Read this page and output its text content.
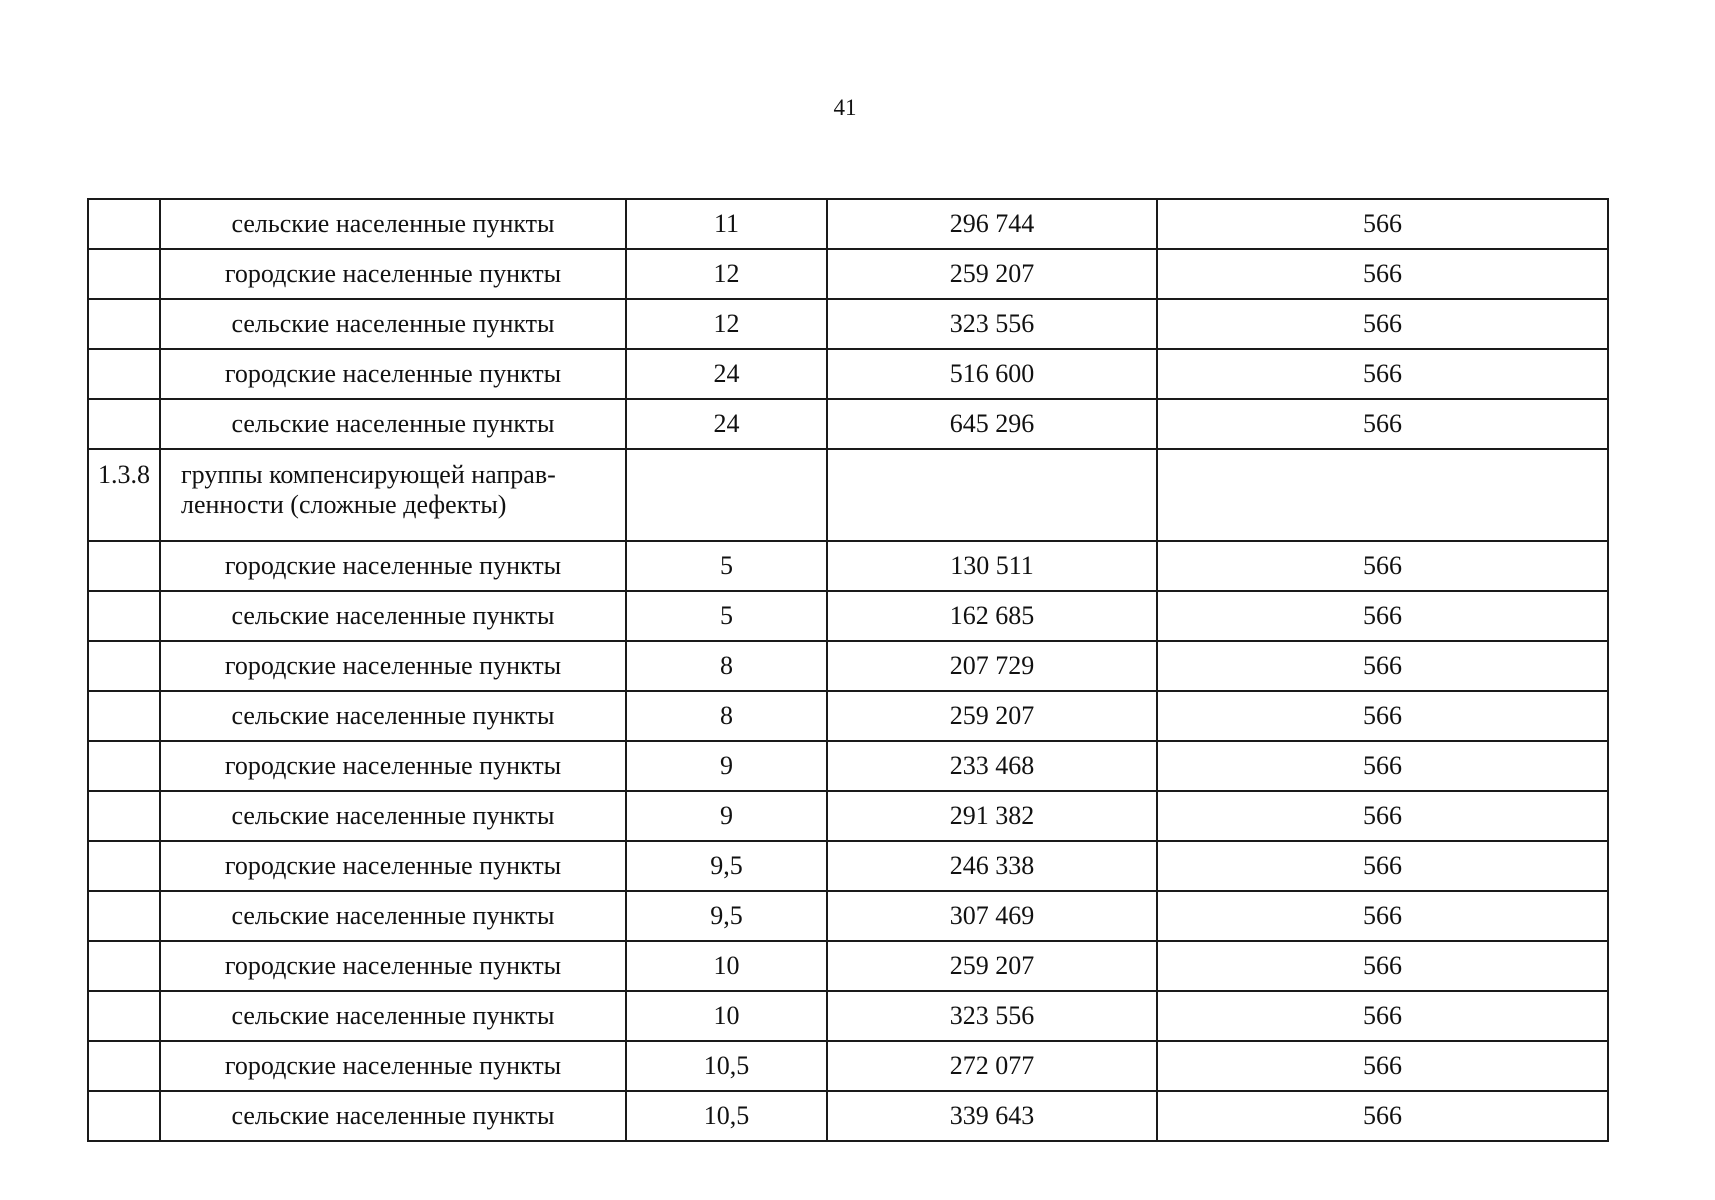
41
	сельские населенные пункты	11	296 744	566
	городские населенные пункты	12	259 207	566
	сельские населенные пункты	12	323 556	566
	городские населенные пункты	24	516 600	566
	сельские населенные пункты	24	645 296	566
1.3.8	группы компенсирующей направ-
ленности (сложные дефекты)			
	городские населенные пункты	5	130 511	566
	сельские населенные пункты	5	162 685	566
	городские населенные пункты	8	207 729	566
	сельские населенные пункты	8	259 207	566
	городские населенные пункты	9	233 468	566
	сельские населенные пункты	9	291 382	566
	городские населенные пункты	9,5	246 338	566
	сельские населенные пункты	9,5	307 469	566
	городские населенные пункты	10	259 207	566
	сельские населенные пункты	10	323 556	566
	городские населенные пункты	10,5	272 077	566
	сельские населенные пункты	10,5	339 643	566
